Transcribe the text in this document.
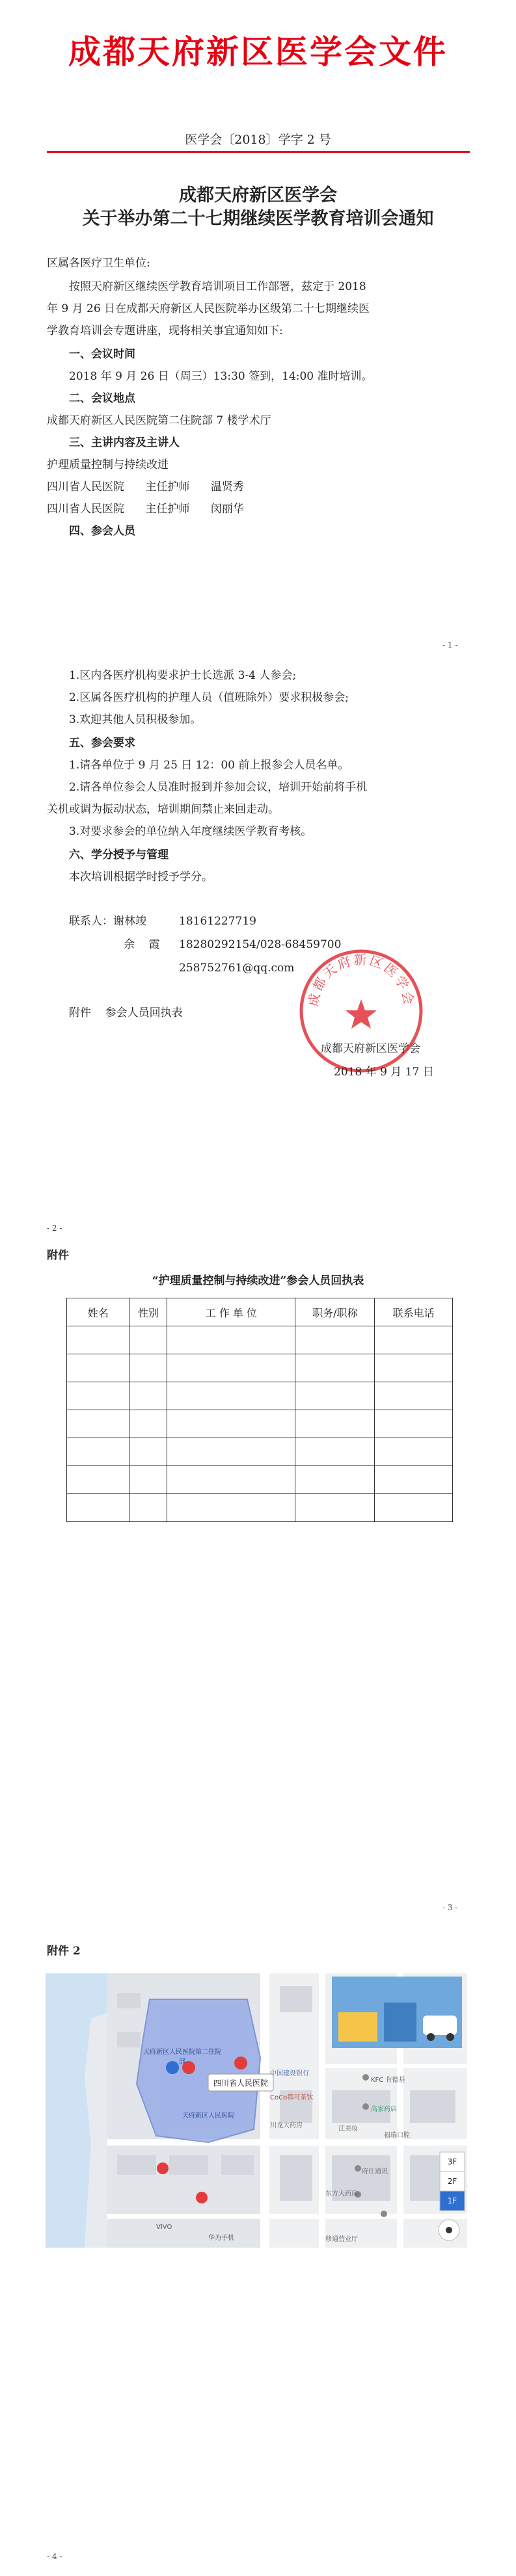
成都天府新区医学会文件
医学会〔2018〕学字 2 号
成都天府新区医学会
关于举办第二十七期继续医学教育培训会通知
区属各医疗卫生单位:
按照天府新区继续医学教育培训项目工作部署，兹定于 2018
年 9 月 26 日在成都天府新区人民医院举办区级第二十七期继续医
学教育培训会专题讲座，现将相关事宜通知如下:
一、会议时间
2018 年 9 月 26 日（周三）13:30 签到，14:00 准时培训。
二、会议地点
成都天府新区人民医院第二住院部 7 楼学术厅
三、主讲内容及主讲人
护理质量控制与持续改进
四川省人民医院      主任护师      温贤秀
四川省人民医院      主任护师      闵丽华
四、参会人员
- 1 -
1.区内各医疗机构要求护士长选派 3-4 人参会;
2.区属各医疗机构的护理人员（值班除外）要求积极参会;
3.欢迎其他人员积极参加。
五、参会要求
1.请各单位于 9 月 25 日 12：00 前上报参会人员名单。
2.请各单位参会人员准时报到并参加会议，培训开始前将手机
关机或调为振动状态，培训期间禁止来回走动。
3.对要求参会的单位纳入年度继续医学教育考核。
六、学分授予与管理
本次培训根据学时授予学分。
联系人：谢林竣	18161227719
余    霞 18280292154/028-68459700
258752761@qq.com
附件    参会人员回执表
成都天府新区医学会
成都天府新区医学会
2018 年 9 月 17 日
- 2 -
附件
“护理质量控制与持续改进”参会人员回执表
姓名	性别	工 作 单 位	职务/职称	联系电话

- 3 -
附件 2
四川省人民医院
天府新区人民医院第二住院部
天府新区人民医院
中国建设银行
KFC 肯德基
CoCo都可茶饮
高家药店
府仕通讯
VIVO
华为手机
东方大药房
移通营业厅
福瑞口腔
江美妆
川龙大药房
3F
2F
1F
- 4 -
